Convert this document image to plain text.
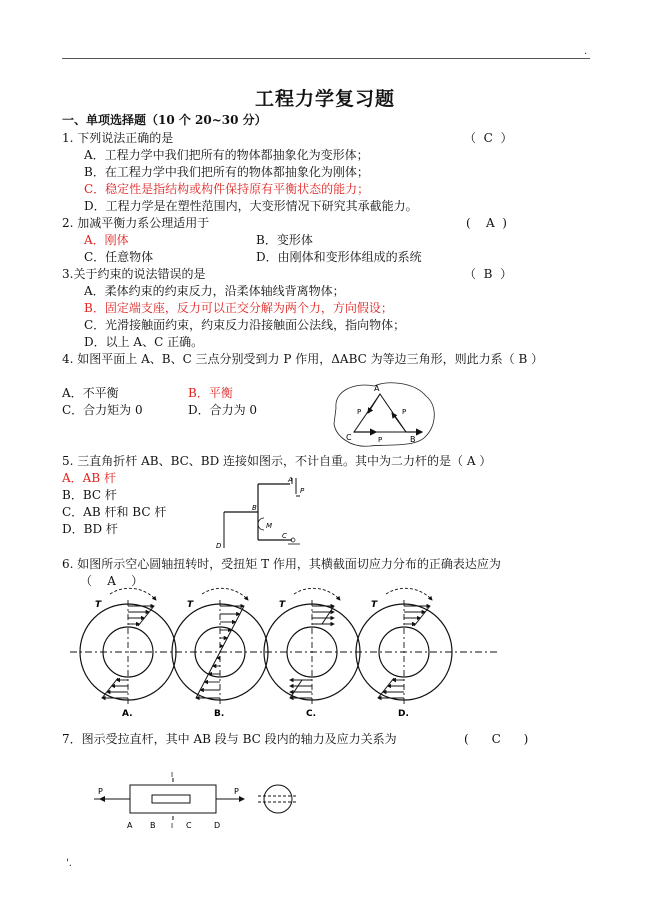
.
工程力学复习题
一、单项选择题（10 个 20~30 分）
1. 下列说法正确的是	（  C  ）
A．工程力学中我们把所有的物体都抽象化为变形体；
B．在工程力学中我们把所有的物体都抽象化为刚体；
C．稳定性是指结构或构件保持原有平衡状态的能力；
D．工程力学是在塑性范围内，大变形情况下研究其承截能力。
2. 加减平衡力系公理适用于	(    A  )
A．刚体	B．变形体
C．任意物体	D．由刚体和变形体组成的系统
3.关于约束的说法错误的是	（  B  ）
A．柔体约束的约束反力，沿柔体轴线背离物体；
B．固定端支座，反力可以正交分解为两个力，方向假设；
C．光滑接触面约束，约束反力沿接触面公法线，指向物体；
D．以上 A、C 正确。
4. 如图平面上 A、B、C 三点分别受到力 P 作用，ΔABC 为等边三角形，则此力系（ B ）
A．不平衡	B．平衡
C．合力矩为 0	D．合力为 0
A
C	B
P	P
P
5. 三直角折杆 AB、BC、BD 连接如图示，不计自重。其中为二力杆的是（ A ）
A．AB 杆
B．BC 杆
C．AB 杆和 BC 杆
D．BD 杆
B
A
P
M
C
D
6. 如图所示空心圆轴扭转时，受扭矩 T 作用，其横截面切应力分布的正确表达应为
（    A    ）
T
A.
T
B.
T
C.
T
D.
7．图示受拉直杆，其中 AB 段与 BC 段内的轴力及应力关系为	(      C      )
P	P
I
A B I C	D
'.
